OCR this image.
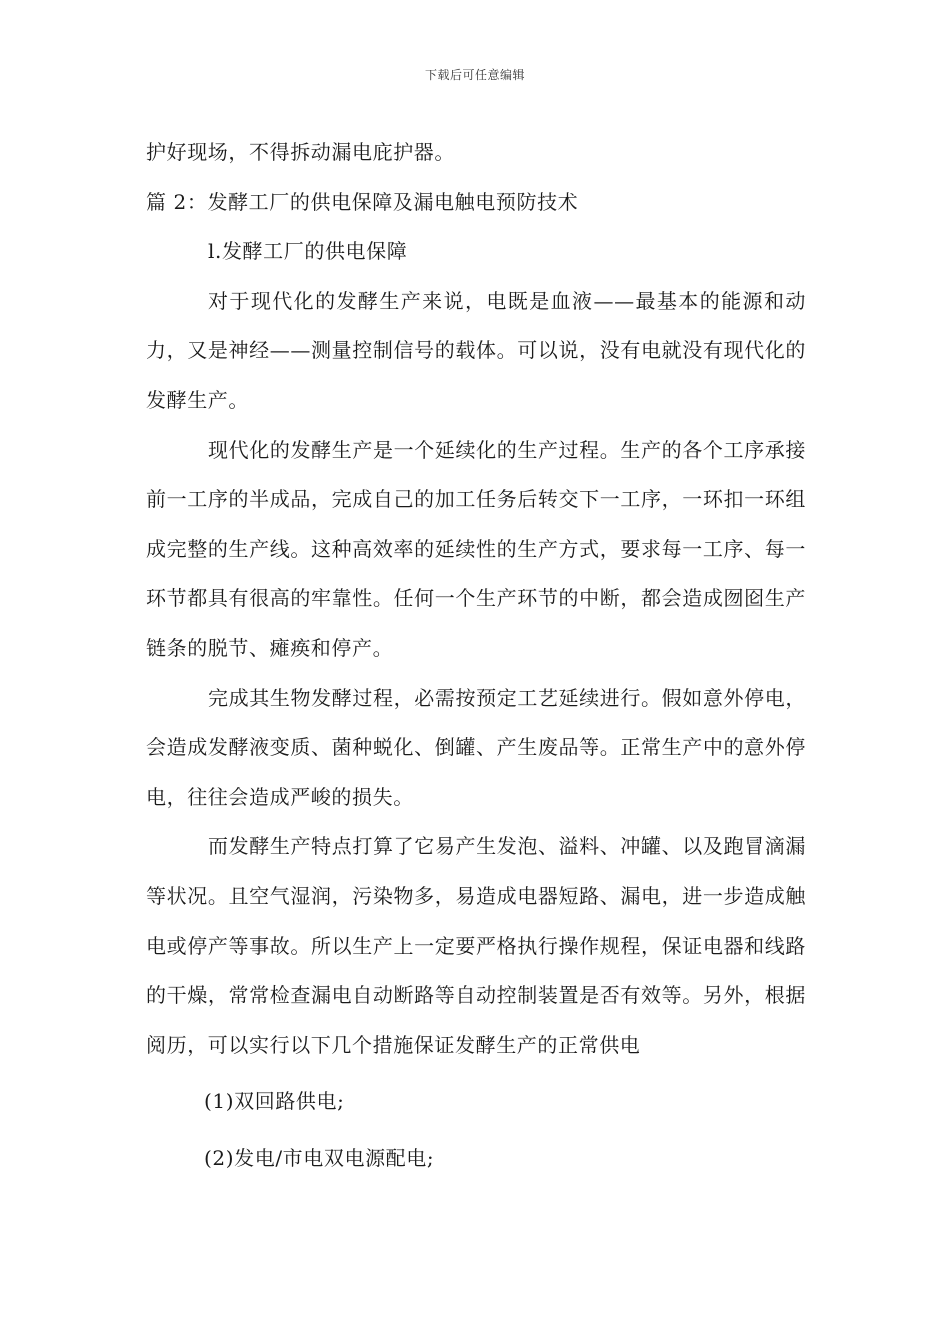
下载后可任意编辑

护好现场，不得拆动漏电庇护器。

篇 2：发酵工厂的供电保障及漏电触电预防技术

l.发酵工厂的供电保障

对于现代化的发酵生产来说，电既是血液——最基本的能源和动力，又是神经——测量控制信号的载体。可以说，没有电就没有现代化的发酵生产。

现代化的发酵生产是一个延续化的生产过程。生产的各个工序承接前一工序的半成品，完成自己的加工任务后转交下一工序，一环扣一环组成完整的生产线。这种高效率的延续性的生产方式，要求每一工序、每一环节都具有很高的牢靠性。任何一个生产环节的中断，都会造成囫囵生产链条的脱节、瘫痪和停产。

完成其生物发酵过程，必需按预定工艺延续进行。假如意外停电，会造成发酵液变质、菌种蜕化、倒罐、产生废品等。正常生产中的意外停电，往往会造成严峻的损失。

而发酵生产特点打算了它易产生发泡、溢料、冲罐、以及跑冒滴漏等状况。且空气湿润，污染物多，易造成电器短路、漏电，进一步造成触电或停产等事故。所以生产上一定要严格执行操作规程，保证电器和线路的干燥，常常检查漏电自动断路等自动控制装置是否有效等。另外，根据阅历，可以实行以下几个措施保证发酵生产的正常供电

(1)双回路供电;

(2)发电/市电双电源配电;
